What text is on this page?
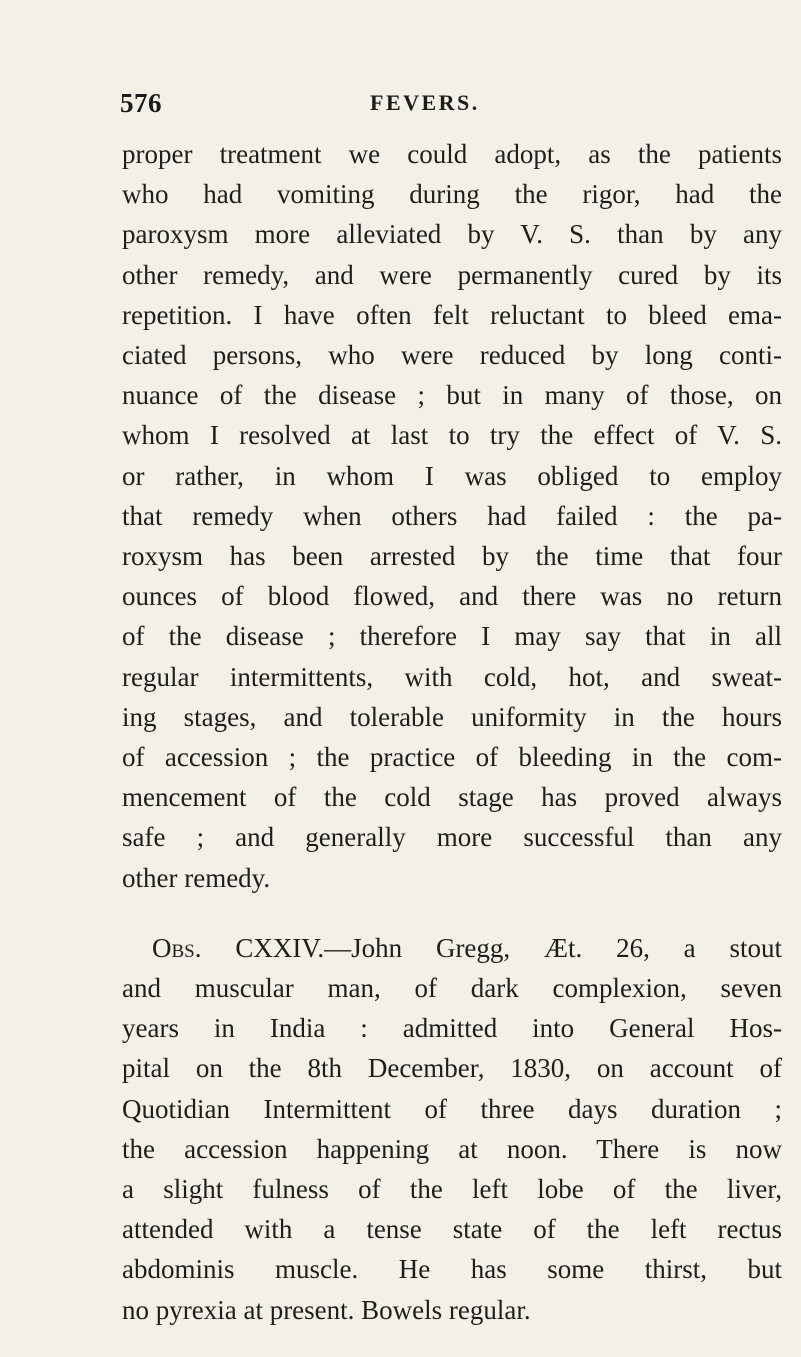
576	FEVERS.
proper treatment we could adopt, as the patients
who had vomiting during the rigor, had the
paroxysm more alleviated by V. S. than by any
other remedy, and were permanently cured by its
repetition. I have often felt reluctant to bleed ema-
ciated persons, who were reduced by long conti-
nuance of the disease ; but in many of those, on
whom I resolved at last to try the effect of V. S.
or rather, in whom I was obliged to employ
that remedy when others had failed : the pa-
roxysm has been arrested by the time that four
ounces of blood flowed, and there was no return
of the disease ; therefore I may say that in all
regular intermittents, with cold, hot, and sweat-
ing stages, and tolerable uniformity in the hours
of accession ; the practice of bleeding in the com-
mencement of the cold stage has proved always
safe ; and generally more successful than any
other remedy.
Obs. CXXIV.—John Gregg, Æt. 26, a stout
and muscular man, of dark complexion, seven
years in India : admitted into General Hos-
pital on the 8th December, 1830, on account of
Quotidian Intermittent of three days duration ;
the accession happening at noon. There is now
a slight fulness of the left lobe of the liver,
attended with a tense state of the left rectus
abdominis muscle. He has some thirst, but
no pyrexia at present. Bowels regular.
